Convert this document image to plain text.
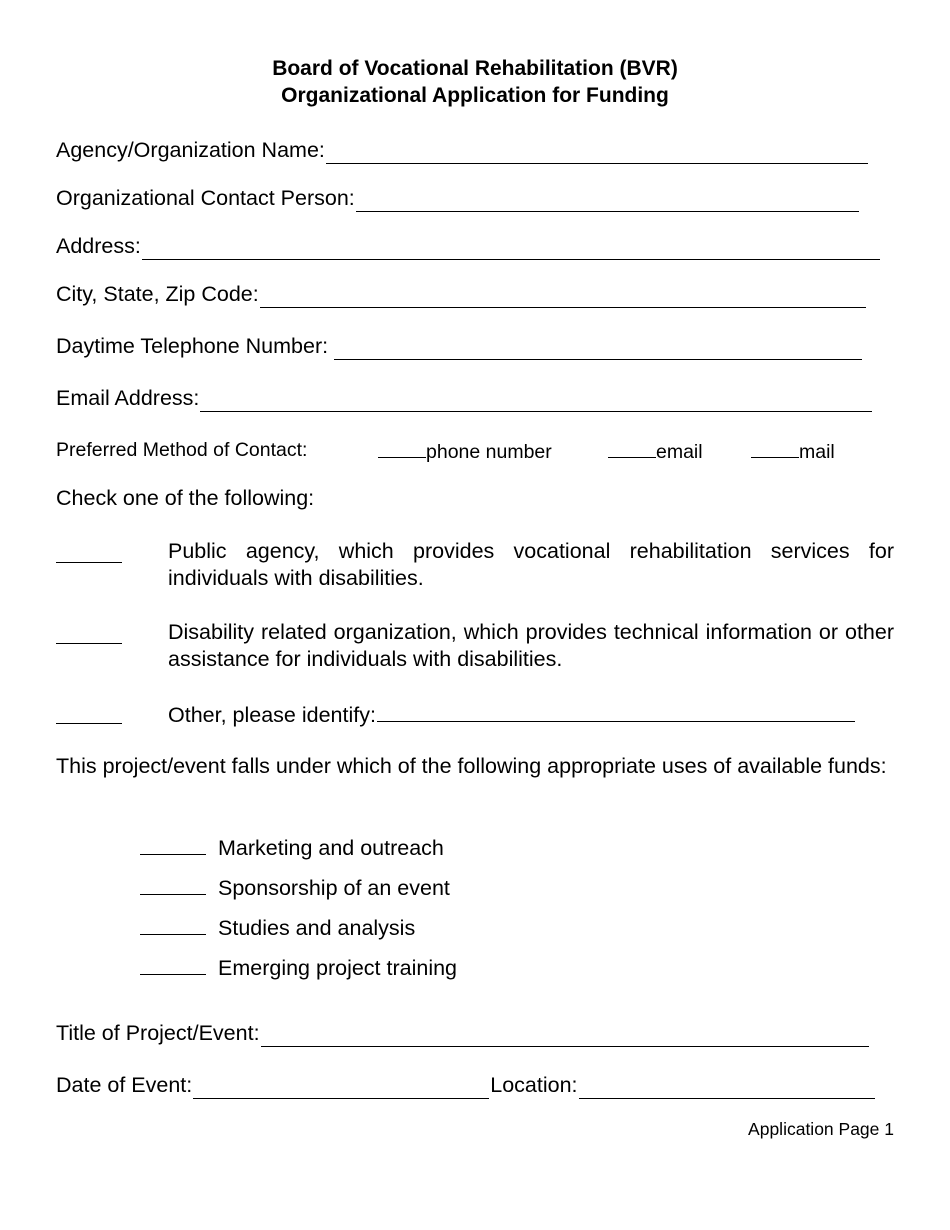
Board of Vocational Rehabilitation (BVR)
Organizational Application for Funding
Agency/Organization Name:
Organizational Contact Person:
Address:
City, State, Zip Code:
Daytime Telephone Number:
Email Address:
Preferred Method of Contact:	phone number	email	mail
Check one of the following:
Public agency, which provides vocational rehabilitation services for individuals with disabilities.
Disability related organization, which provides technical information or other assistance for individuals with disabilities.
Other, please identify:
This project/event falls under which of the following appropriate uses of available funds:
Marketing and outreach
Sponsorship of an event
Studies and analysis
Emerging project training
Title of Project/Event:
Date of Event:	Location:
Application Page 1
